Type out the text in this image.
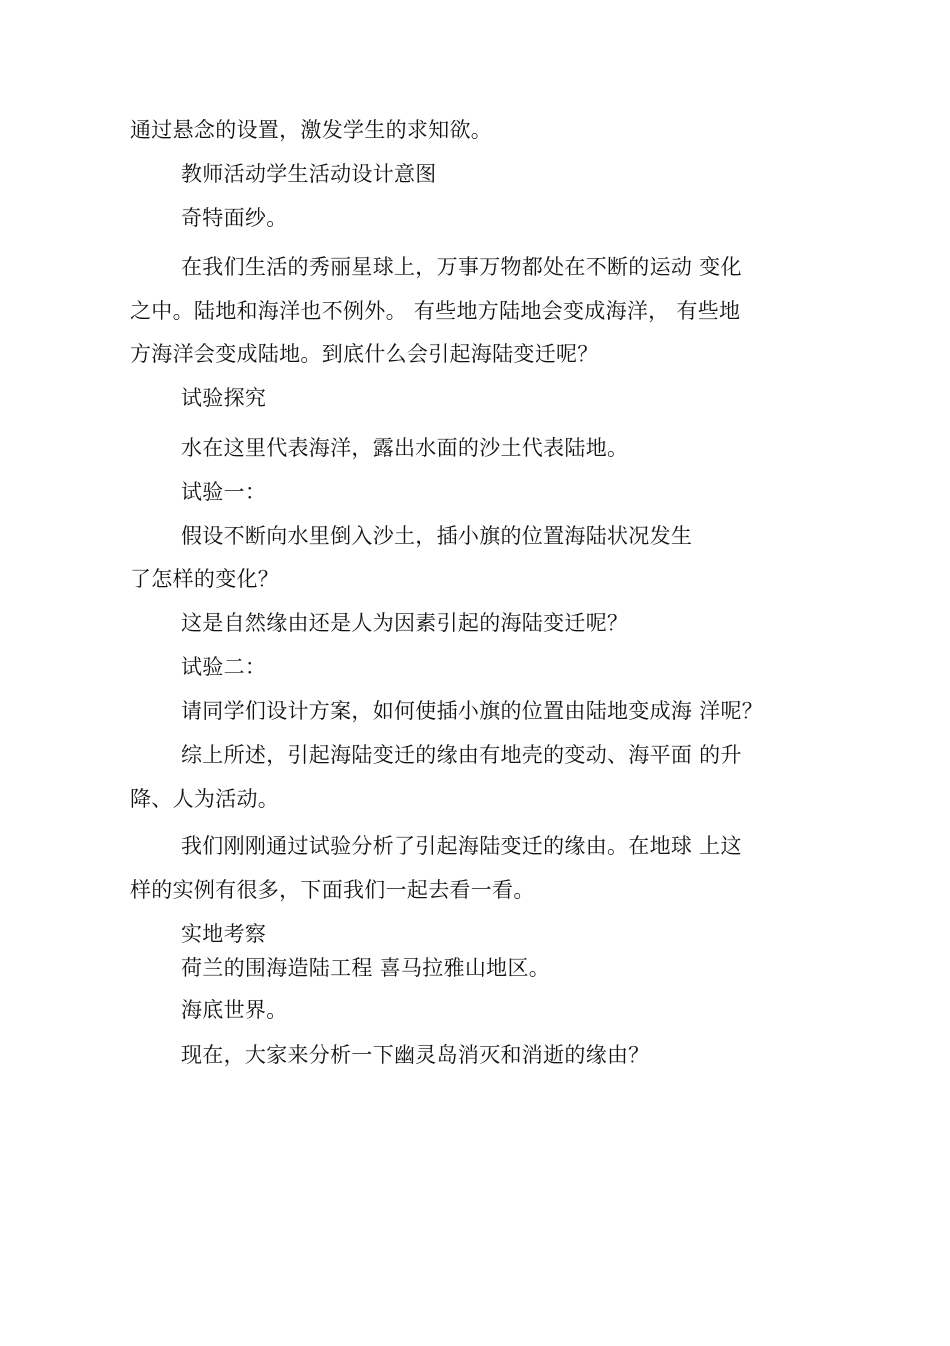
通过悬念的设置，激发学生的求知欲。
教师活动学生活动设计意图
奇特面纱。
在我们生活的秀丽星球上，万事万物都处在不断的运动 变化
之中。陆地和海洋也不例外。 有些地方陆地会变成海洋， 有些地
方海洋会变成陆地。到底什么会引起海陆变迁呢？
试验探究
水在这里代表海洋，露出水面的沙土代表陆地。
试验一：
假设不断向水里倒入沙土，插小旗的位置海陆状况发生
了怎样的变化？
这是自然缘由还是人为因素引起的海陆变迁呢？
试验二：
请同学们设计方案，如何使插小旗的位置由陆地变成海 洋呢？
综上所述，引起海陆变迁的缘由有地壳的变动、海平面 的升
降、人为活动。
我们刚刚通过试验分析了引起海陆变迁的缘由。在地球 上这
样的实例有很多，下面我们一起去看一看。
实地考察
荷兰的围海造陆工程 喜马拉雅山地区。
海底世界。
现在，大家来分析一下幽灵岛消灭和消逝的缘由？
